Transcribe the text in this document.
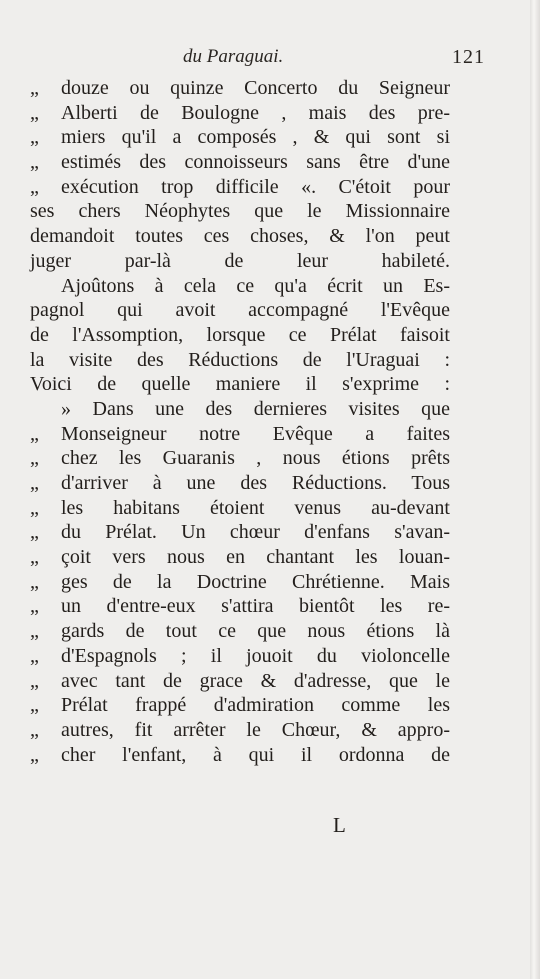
du Paraguai.	121
„ douze ou quinze Concerto du Seigneur
„ Alberti de Boulogne , mais des pre-
„ miers qu'il a composés , & qui sont si
„ estimés des connoisseurs sans être d'une
„ exécution trop difficile «. C'étoit pour
ses chers Néophytes que le Missionnaire
demandoit toutes ces choses, & l'on peut
juger par-là de leur habileté.
Ajoûtons à cela ce qu'a écrit un Es-
pagnol qui avoit accompagné l'Evêque
de l'Assomption, lorsque ce Prélat faisoit
la visite des Réductions de l'Uraguai :
Voici de quelle maniere il s'exprime :
» Dans une des dernieres visites que
„ Monseigneur notre Evêque a faites
„ chez les Guaranis , nous étions prêts
„ d'arriver à une des Réductions. Tous
„ les habitans étoient venus au-devant
„ du Prélat. Un chœur d'enfans s'avan-
„ çoit vers nous en chantant les louan-
„ ges de la Doctrine Chrétienne. Mais
„ un d'entre-eux s'attira bientôt les re-
„ gards de tout ce que nous étions là
„ d'Espagnols ; il jouoit du violoncelle
„ avec tant de grace & d'adresse, que le
„ Prélat frappé d'admiration comme les
„ autres, fit arrêter le Chœur, & appro-
„ cher l'enfant, à qui il ordonna de
L
